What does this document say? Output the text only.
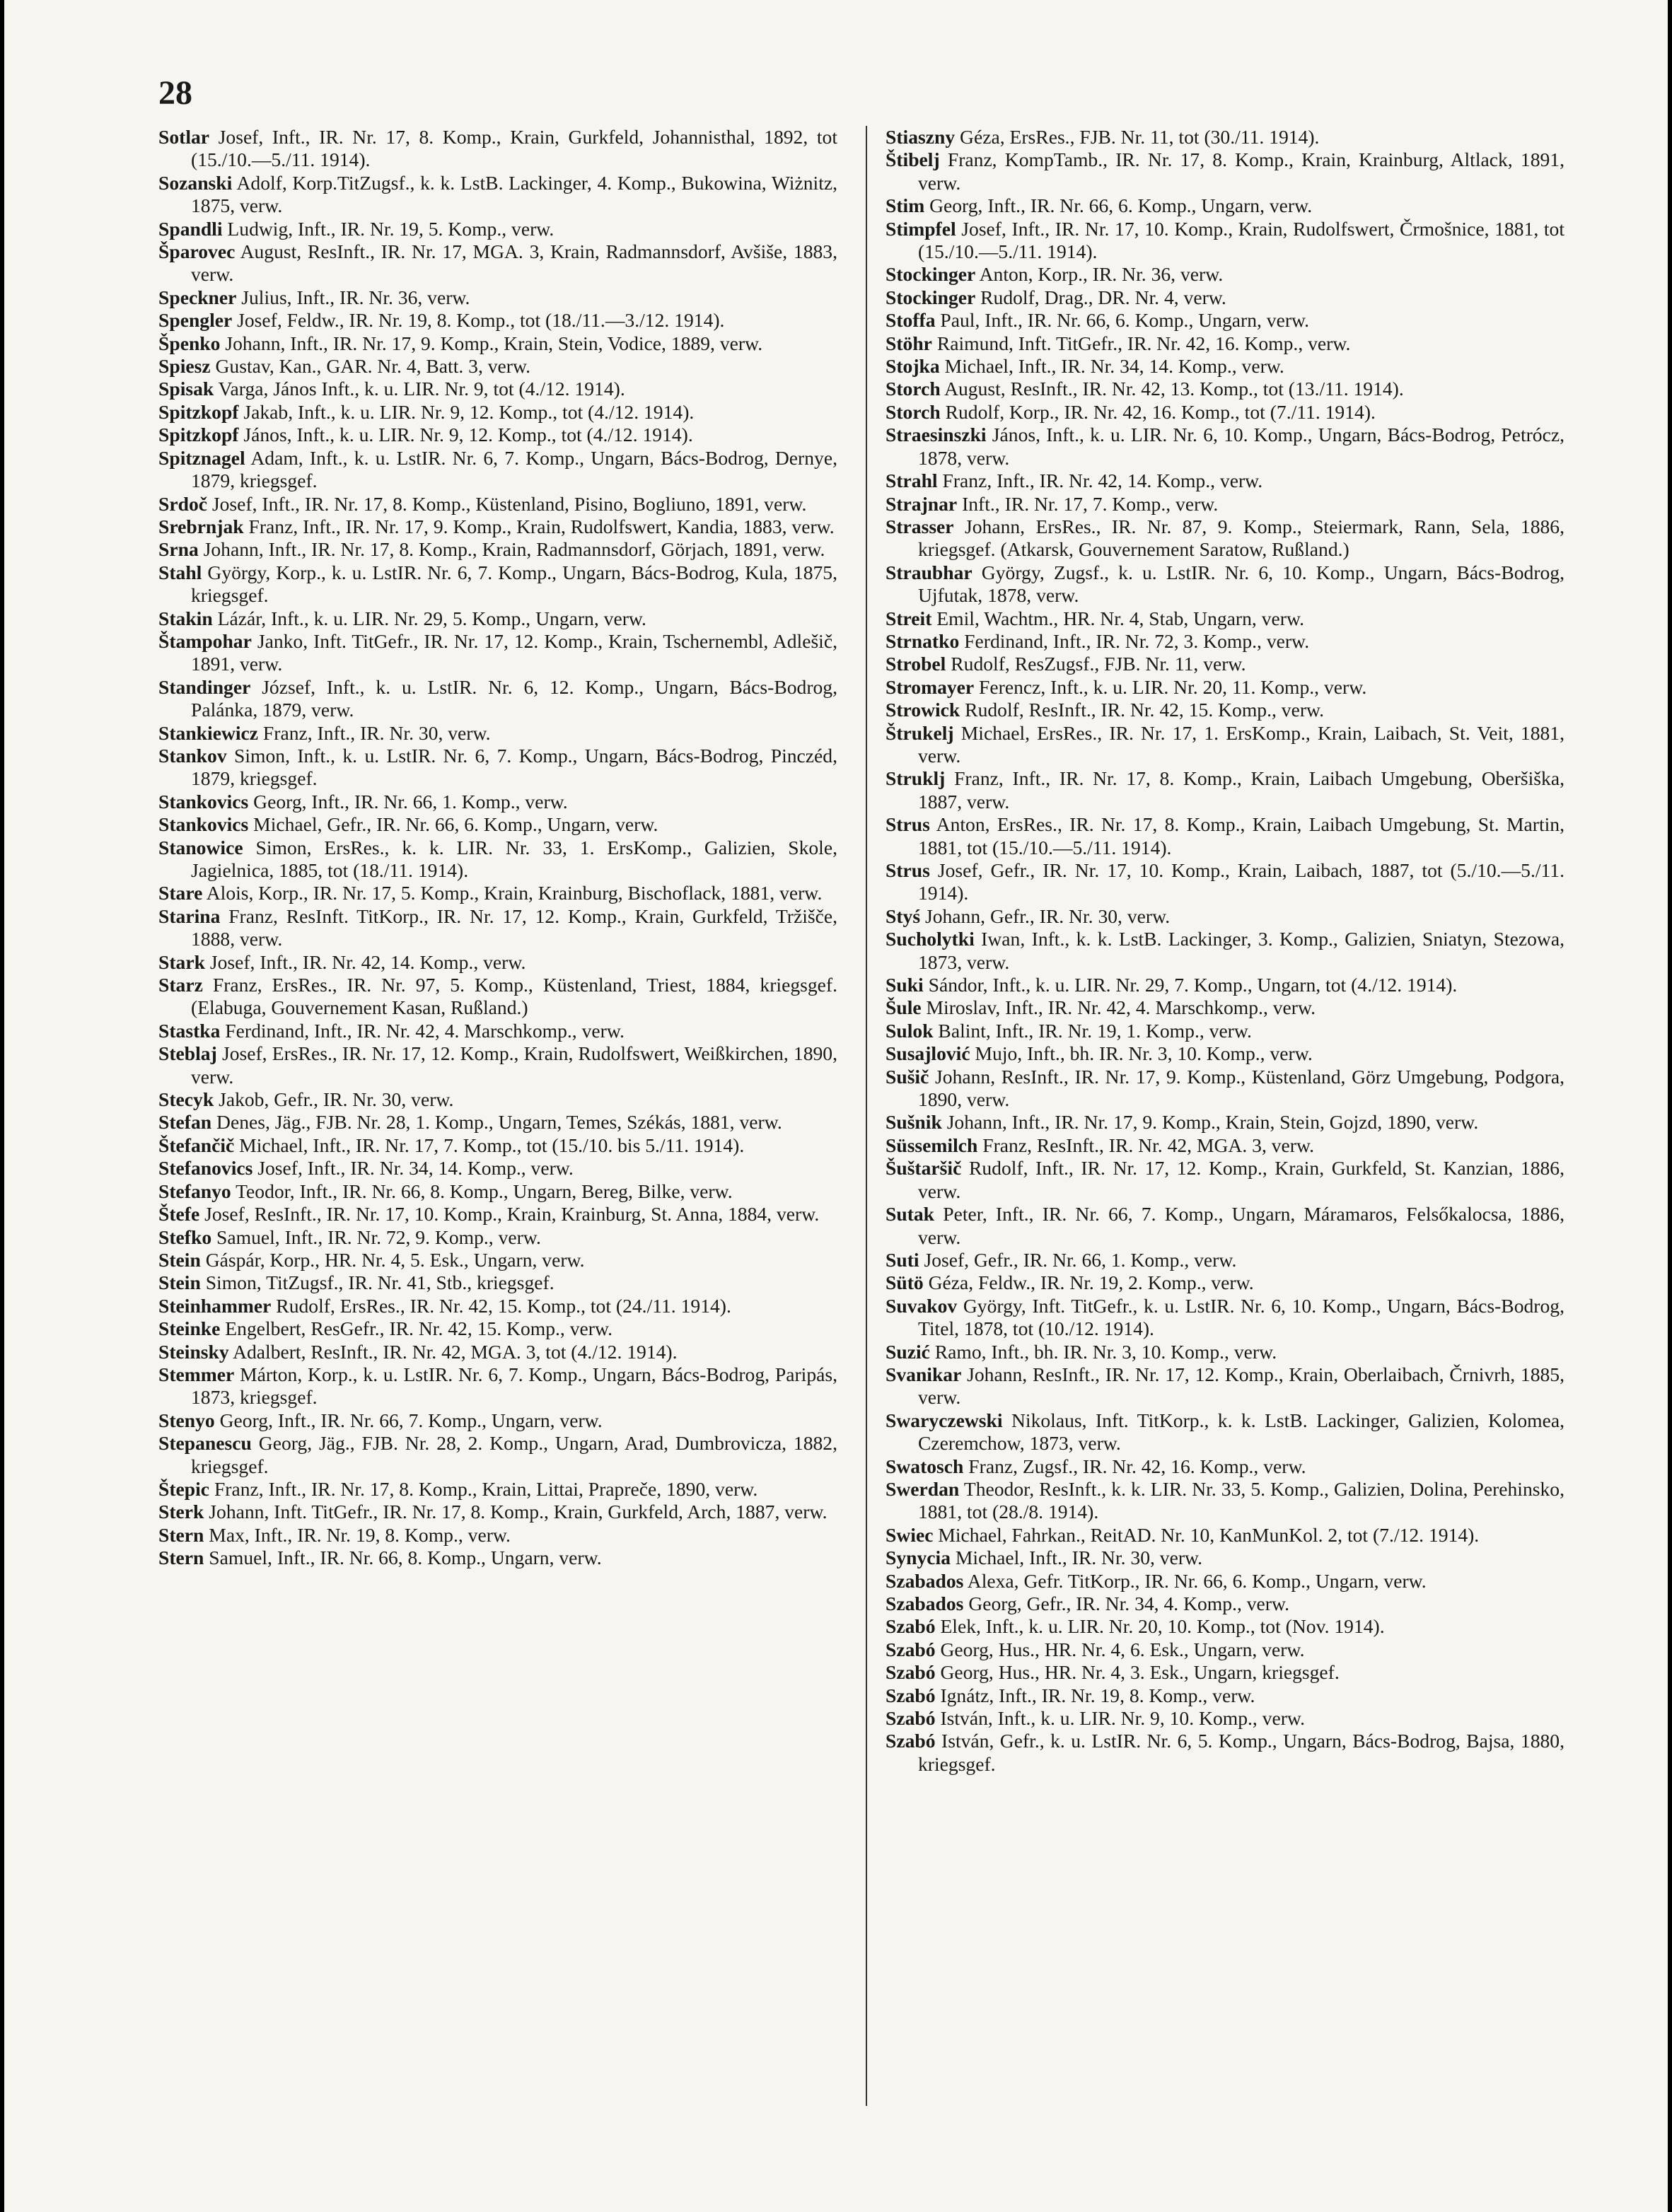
28

Sotlar Josef, Inft., IR. Nr. 17, 8. Komp., Krain, Gurkfeld, Johannisthal, 1892, tot (15./10.—5./11. 1914).

Sozanski Adolf, Korp.TitZugsf., k. k. LstB. Lackinger, 4. Komp., Bukowina, Wiżnitz, 1875, verw.

Spandli Ludwig, Inft., IR. Nr. 19, 5. Komp., verw.

Šparovec August, ResInft., IR. Nr. 17, MGA. 3, Krain, Radmannsdorf, Avšiše, 1883, verw.

Speckner Julius, Inft., IR. Nr. 36, verw.

Spengler Josef, Feldw., IR. Nr. 19, 8. Komp., tot (18./11.—3./12. 1914).

Špenko Johann, Inft., IR. Nr. 17, 9. Komp., Krain, Stein, Vodice, 1889, verw.

Spiesz Gustav, Kan., GAR. Nr. 4, Batt. 3, verw.

Spisak Varga, János Inft., k. u. LIR. Nr. 9, tot (4./12. 1914).

Spitzkopf Jakab, Inft., k. u. LIR. Nr. 9, 12. Komp., tot (4./12. 1914).

Spitzkopf János, Inft., k. u. LIR. Nr. 9, 12. Komp., tot (4./12. 1914).

Spitznagel Adam, Inft., k. u. LstIR. Nr. 6, 7. Komp., Ungarn, Bács-Bodrog, Dernye, 1879, kriegsgef.

Srdoč Josef, Inft., IR. Nr. 17, 8. Komp., Küstenland, Pisino, Bogliuno, 1891, verw.

Srebrnjak Franz, Inft., IR. Nr. 17, 9. Komp., Krain, Rudolfswert, Kandia, 1883, verw.

Srna Johann, Inft., IR. Nr. 17, 8. Komp., Krain, Radmannsdorf, Görjach, 1891, verw.

Stahl György, Korp., k. u. LstIR. Nr. 6, 7. Komp., Ungarn, Bács-Bodrog, Kula, 1875, kriegsgef.

Stakin Lázár, Inft., k. u. LIR. Nr. 29, 5. Komp., Ungarn, verw.

Štampohar Janko, Inft. TitGefr., IR. Nr. 17, 12. Komp., Krain, Tschernembl, Adlešič, 1891, verw.

Standinger József, Inft., k. u. LstIR. Nr. 6, 12. Komp., Ungarn, Bács-Bodrog, Palánka, 1879, verw.

Stankiewicz Franz, Inft., IR. Nr. 30, verw.

Stankov Simon, Inft., k. u. LstIR. Nr. 6, 7. Komp., Ungarn, Bács-Bodrog, Pinczéd, 1879, kriegsgef.

Stankovics Georg, Inft., IR. Nr. 66, 1. Komp., verw.

Stankovics Michael, Gefr., IR. Nr. 66, 6. Komp., Ungarn, verw.

Stanowice Simon, ErsRes., k. k. LIR. Nr. 33, 1. ErsKomp., Galizien, Skole, Jagielnica, 1885, tot (18./11. 1914).

Stare Alois, Korp., IR. Nr. 17, 5. Komp., Krain, Krainburg, Bischoflack, 1881, verw.

Starina Franz, ResInft. TitKorp., IR. Nr. 17, 12. Komp., Krain, Gurkfeld, Tržišče, 1888, verw.

Stark Josef, Inft., IR. Nr. 42, 14. Komp., verw.

Starz Franz, ErsRes., IR. Nr. 97, 5. Komp., Küstenland, Triest, 1884, kriegsgef. (Elabuga, Gouvernement Kasan, Rußland.)

Stastka Ferdinand, Inft., IR. Nr. 42, 4. Marschkomp., verw.

Steblaj Josef, ErsRes., IR. Nr. 17, 12. Komp., Krain, Rudolfswert, Weißkirchen, 1890, verw.

Stecyk Jakob, Gefr., IR. Nr. 30, verw.

Stefan Denes, Jäg., FJB. Nr. 28, 1. Komp., Ungarn, Temes, Székás, 1881, verw.

Štefančič Michael, Inft., IR. Nr. 17, 7. Komp., tot (15./10. bis 5./11. 1914).

Stefanovics Josef, Inft., IR. Nr. 34, 14. Komp., verw.

Stefanyo Teodor, Inft., IR. Nr. 66, 8. Komp., Ungarn, Bereg, Bilke, verw.

Štefe Josef, ResInft., IR. Nr. 17, 10. Komp., Krain, Krainburg, St. Anna, 1884, verw.

Stefko Samuel, Inft., IR. Nr. 72, 9. Komp., verw.

Stein Gáspár, Korp., HR. Nr. 4, 5. Esk., Ungarn, verw.

Stein Simon, TitZugsf., IR. Nr. 41, Stb., kriegsgef.

Steinhammer Rudolf, ErsRes., IR. Nr. 42, 15. Komp., tot (24./11. 1914).

Steinke Engelbert, ResGefr., IR. Nr. 42, 15. Komp., verw.

Steinsky Adalbert, ResInft., IR. Nr. 42, MGA. 3, tot (4./12. 1914).

Stemmer Márton, Korp., k. u. LstIR. Nr. 6, 7. Komp., Ungarn, Bács-Bodrog, Paripás, 1873, kriegsgef.

Stenyo Georg, Inft., IR. Nr. 66, 7. Komp., Ungarn, verw.

Stepanescu Georg, Jäg., FJB. Nr. 28, 2. Komp., Ungarn, Arad, Dumbrovicza, 1882, kriegsgef.

Štepic Franz, Inft., IR. Nr. 17, 8. Komp., Krain, Littai, Prapreče, 1890, verw.

Sterk Johann, Inft. TitGefr., IR. Nr. 17, 8. Komp., Krain, Gurkfeld, Arch, 1887, verw.

Stern Max, Inft., IR. Nr. 19, 8. Komp., verw.

Stern Samuel, Inft., IR. Nr. 66, 8. Komp., Ungarn, verw.

Stiaszny Géza, ErsRes., FJB. Nr. 11, tot (30./11. 1914).

Štibelj Franz, KompTamb., IR. Nr. 17, 8. Komp., Krain, Krainburg, Altlack, 1891, verw.

Stim Georg, Inft., IR. Nr. 66, 6. Komp., Ungarn, verw.

Stimpfel Josef, Inft., IR. Nr. 17, 10. Komp., Krain, Rudolfswert, Črmošnice, 1881, tot (15./10.—5./11. 1914).

Stockinger Anton, Korp., IR. Nr. 36, verw.

Stockinger Rudolf, Drag., DR. Nr. 4, verw.

Stoffa Paul, Inft., IR. Nr. 66, 6. Komp., Ungarn, verw.

Stöhr Raimund, Inft. TitGefr., IR. Nr. 42, 16. Komp., verw.

Stojka Michael, Inft., IR. Nr. 34, 14. Komp., verw.

Storch August, ResInft., IR. Nr. 42, 13. Komp., tot (13./11. 1914).

Storch Rudolf, Korp., IR. Nr. 42, 16. Komp., tot (7./11. 1914).

Straesinszki János, Inft., k. u. LIR. Nr. 6, 10. Komp., Ungarn, Bács-Bodrog, Petrócz, 1878, verw.

Strahl Franz, Inft., IR. Nr. 42, 14. Komp., verw.

Strajnar Inft., IR. Nr. 17, 7. Komp., verw.

Strasser Johann, ErsRes., IR. Nr. 87, 9. Komp., Steiermark, Rann, Sela, 1886, kriegsgef. (Atkarsk, Gouvernement Saratow, Rußland.)

Straubhar György, Zugsf., k. u. LstIR. Nr. 6, 10. Komp., Ungarn, Bács-Bodrog, Ujfutak, 1878, verw.

Streit Emil, Wachtm., HR. Nr. 4, Stab, Ungarn, verw.

Strnatko Ferdinand, Inft., IR. Nr. 72, 3. Komp., verw.

Strobel Rudolf, ResZugsf., FJB. Nr. 11, verw.

Stromayer Ferencz, Inft., k. u. LIR. Nr. 20, 11. Komp., verw.

Strowick Rudolf, ResInft., IR. Nr. 42, 15. Komp., verw.

Štrukelj Michael, ErsRes., IR. Nr. 17, 1. ErsKomp., Krain, Laibach, St. Veit, 1881, verw.

Struklj Franz, Inft., IR. Nr. 17, 8. Komp., Krain, Laibach Umgebung, Oberšiška, 1887, verw.

Strus Anton, ErsRes., IR. Nr. 17, 8. Komp., Krain, Laibach Umgebung, St. Martin, 1881, tot (15./10.—5./11. 1914).

Strus Josef, Gefr., IR. Nr. 17, 10. Komp., Krain, Laibach, 1887, tot (5./10.—5./11. 1914).

Styś Johann, Gefr., IR. Nr. 30, verw.

Sucholytki Iwan, Inft., k. k. LstB. Lackinger, 3. Komp., Galizien, Sniatyn, Stezowa, 1873, verw.

Suki Sándor, Inft., k. u. LIR. Nr. 29, 7. Komp., Ungarn, tot (4./12. 1914).

Šule Miroslav, Inft., IR. Nr. 42, 4. Marschkomp., verw.

Sulok Balint, Inft., IR. Nr. 19, 1. Komp., verw.

Susajlović Mujo, Inft., bh. IR. Nr. 3, 10. Komp., verw.

Sušič Johann, ResInft., IR. Nr. 17, 9. Komp., Küstenland, Görz Umgebung, Podgora, 1890, verw.

Sušnik Johann, Inft., IR. Nr. 17, 9. Komp., Krain, Stein, Gojzd, 1890, verw.

Süssemilch Franz, ResInft., IR. Nr. 42, MGA. 3, verw.

Šuštaršič Rudolf, Inft., IR. Nr. 17, 12. Komp., Krain, Gurkfeld, St. Kanzian, 1886, verw.

Sutak Peter, Inft., IR. Nr. 66, 7. Komp., Ungarn, Máramaros, Felsőkalocsa, 1886, verw.

Suti Josef, Gefr., IR. Nr. 66, 1. Komp., verw.

Sütö Géza, Feldw., IR. Nr. 19, 2. Komp., verw.

Suvakov György, Inft. TitGefr., k. u. LstIR. Nr. 6, 10. Komp., Ungarn, Bács-Bodrog, Titel, 1878, tot (10./12. 1914).

Suzić Ramo, Inft., bh. IR. Nr. 3, 10. Komp., verw.

Svanikar Johann, ResInft., IR. Nr. 17, 12. Komp., Krain, Oberlaibach, Črnivrh, 1885, verw.

Swaryczewski Nikolaus, Inft. TitKorp., k. k. LstB. Lackinger, Galizien, Kolomea, Czeremchow, 1873, verw.

Swatosch Franz, Zugsf., IR. Nr. 42, 16. Komp., verw.

Swerdan Theodor, ResInft., k. k. LIR. Nr. 33, 5. Komp., Galizien, Dolina, Perehinsko, 1881, tot (28./8. 1914).

Swiec Michael, Fahrkan., ReitAD. Nr. 10, KanMunKol. 2, tot (7./12. 1914).

Synycia Michael, Inft., IR. Nr. 30, verw.

Szabados Alexa, Gefr. TitKorp., IR. Nr. 66, 6. Komp., Ungarn, verw.

Szabados Georg, Gefr., IR. Nr. 34, 4. Komp., verw.

Szabó Elek, Inft., k. u. LIR. Nr. 20, 10. Komp., tot (Nov. 1914).

Szabó Georg, Hus., HR. Nr. 4, 6. Esk., Ungarn, verw.

Szabó Georg, Hus., HR. Nr. 4, 3. Esk., Ungarn, kriegsgef.

Szabó Ignátz, Inft., IR. Nr. 19, 8. Komp., verw.

Szabó István, Inft., k. u. LIR. Nr. 9, 10. Komp., verw.

Szabó István, Gefr., k. u. LstIR. Nr. 6, 5. Komp., Ungarn, Bács-Bodrog, Bajsa, 1880, kriegsgef.
